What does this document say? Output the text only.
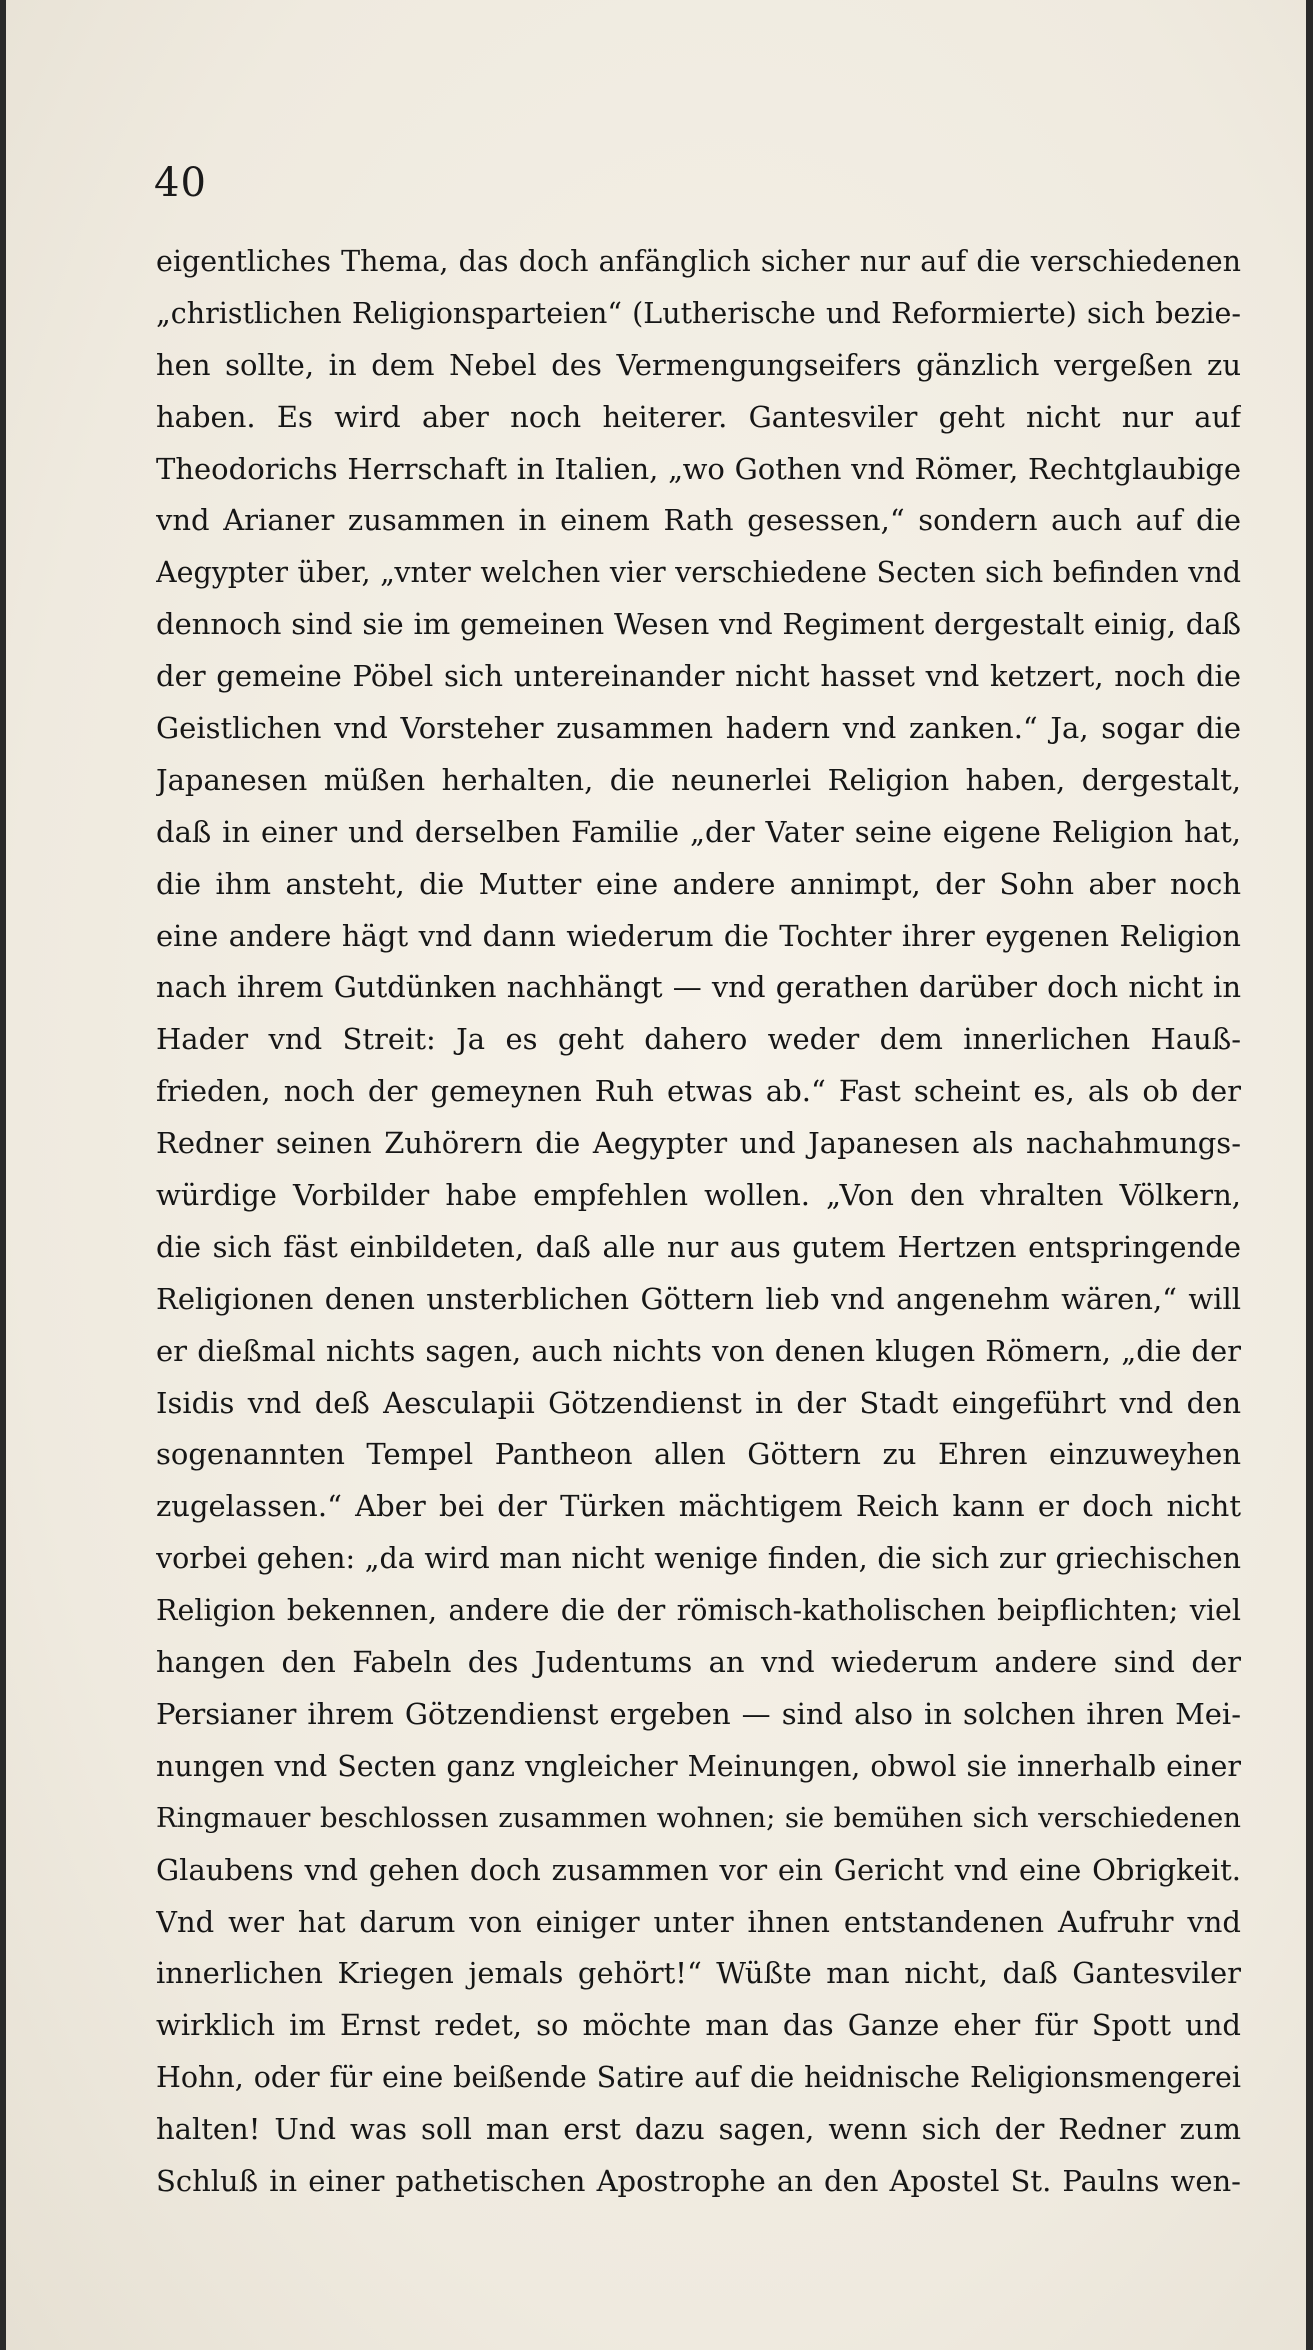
40
eigentliches Thema, das doch anfänglich sicher nur auf die verschiedenen
„christlichen Religionsparteien“ (Lutherische und Reformierte) sich bezie-
hen sollte, in dem Nebel des Vermengungseifers gänzlich vergeßen zu
haben. Es wird aber noch heiterer. Gantesviler geht nicht nur auf
Theodorichs Herrschaft in Italien, „wo Gothen vnd Römer, Rechtglaubige
vnd Arianer zusammen in einem Rath gesessen,“ sondern auch auf die
Aegypter über, „vnter welchen vier verschiedene Secten sich befinden vnd
dennoch sind sie im gemeinen Wesen vnd Regiment dergestalt einig, daß
der gemeine Pöbel sich untereinander nicht hasset vnd ketzert, noch die
Geistlichen vnd Vorsteher zusammen hadern vnd zanken.“ Ja, sogar die
Japanesen müßen herhalten, die neunerlei Religion haben, dergestalt,
daß in einer und derselben Familie „der Vater seine eigene Religion hat,
die ihm ansteht, die Mutter eine andere annimpt, der Sohn aber noch
eine andere hägt vnd dann wiederum die Tochter ihrer eygenen Religion
nach ihrem Gutdünken nachhängt — vnd gerathen darüber doch nicht in
Hader vnd Streit: Ja es geht dahero weder dem innerlichen Hauß-
frieden, noch der gemeynen Ruh etwas ab.“ Fast scheint es, als ob der
Redner seinen Zuhörern die Aegypter und Japanesen als nachahmungs-
würdige Vorbilder habe empfehlen wollen. „Von den vhralten Völkern,
die sich fäst einbildeten, daß alle nur aus gutem Hertzen entspringende
Religionen denen unsterblichen Göttern lieb vnd angenehm wären,“ will
er dießmal nichts sagen, auch nichts von denen klugen Römern, „die der
Isidis vnd deß Aesculapii Götzendienst in der Stadt eingeführt vnd den
sogenannten Tempel Pantheon allen Göttern zu Ehren einzuweyhen
zugelassen.“ Aber bei der Türken mächtigem Reich kann er doch nicht
vorbei gehen: „da wird man nicht wenige finden, die sich zur griechischen
Religion bekennen, andere die der römisch-katholischen beipflichten; viel
hangen den Fabeln des Judentums an vnd wiederum andere sind der
Persianer ihrem Götzendienst ergeben — sind also in solchen ihren Mei-
nungen vnd Secten ganz vngleicher Meinungen, obwol sie innerhalb einer
Ringmauer beschlossen zusammen wohnen; sie bemühen sich verschiedenen
Glaubens vnd gehen doch zusammen vor ein Gericht vnd eine Obrigkeit.
Vnd wer hat darum von einiger unter ihnen entstandenen Aufruhr vnd
innerlichen Kriegen jemals gehört!“ Wüßte man nicht, daß Gantesviler
wirklich im Ernst redet, so möchte man das Ganze eher für Spott und
Hohn, oder für eine beißende Satire auf die heidnische Religionsmengerei
halten! Und was soll man erst dazu sagen, wenn sich der Redner zum
Schluß in einer pathetischen Apostrophe an den Apostel St. Paulns wen-
